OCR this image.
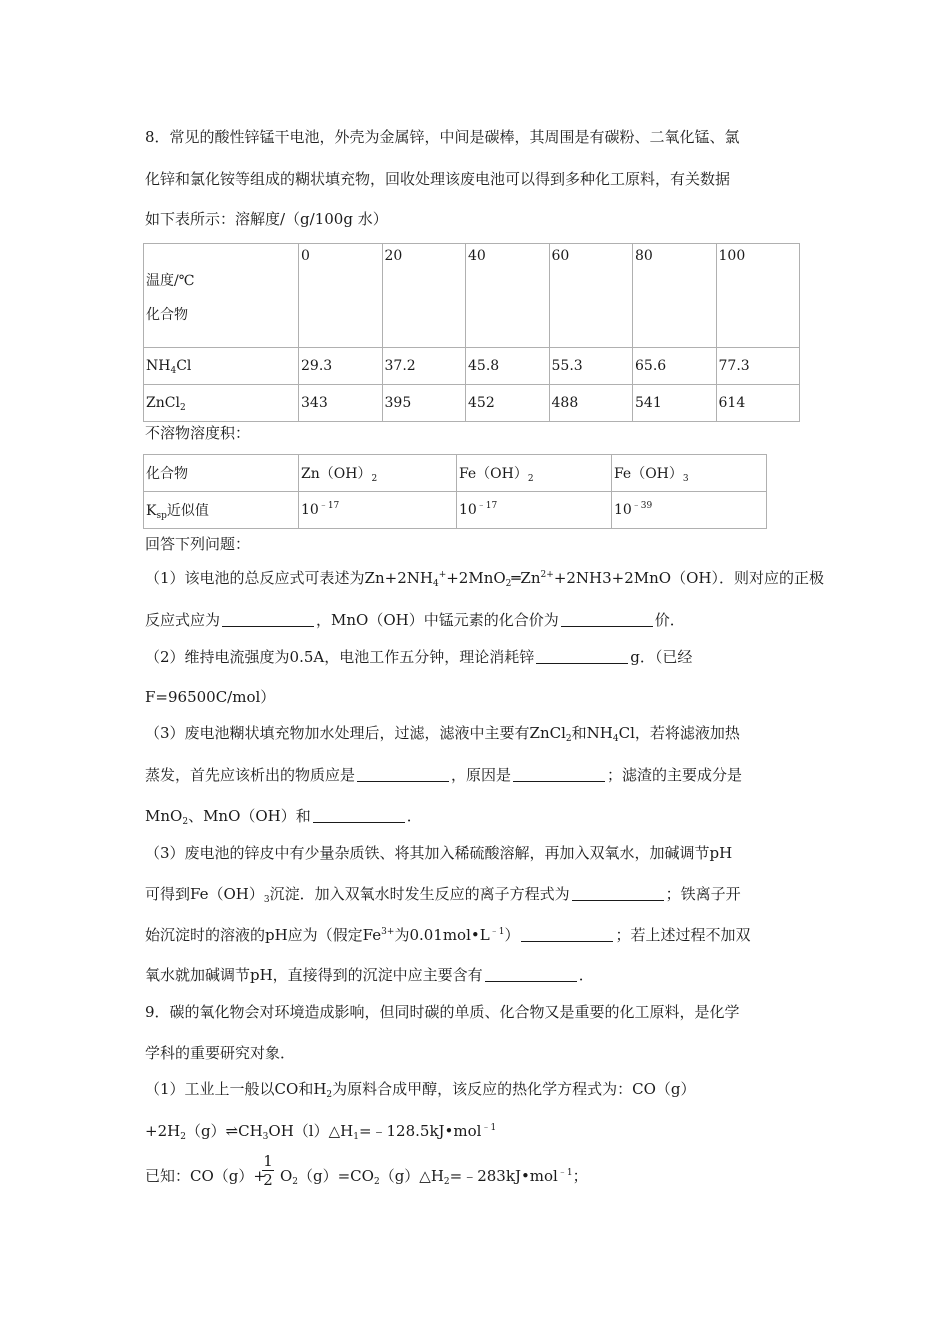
8．常见的酸性锌锰干电池，外壳为金属锌，中间是碳棒，其周围是有碳粉、二氧化锰、氯
化锌和氯化铵等组成的糊状填充物，回收处理该废电池可以得到多种化工原料，有关数据
如下表所示：溶解度/（g/100g 水）
温度/℃
化合物	0	20	40	60	80	100
$NH_4Cl$	29.3	37.2	45.8	55.3	65.6	77.3
ZnCl$_2$	343	395	452	488	541	614
不溶物溶度积：
化合物	$Zn(OH)_2$	$Fe(OH)_2$	$Fe(OH)_3$
$K_{sp}$近似值	$10^{﹣17}$	$10^{﹣17}$	$10^{﹣39}$
回答下列问题：
（1）该电池的总反应式可表述为$Zn+2NH_4^++2MnO_2═Zn^{2+}+2NH3+2MnO(OH)$．则对应的正极
反应式应为	，MnO（OH）中锰元素的化合价为	价．
（2）维持电流强度为0.5A，电池工作五分钟，理论消耗锌	g．（已经
F=96500C/mol）
（3）废电池糊状填充物加水处理后，过滤，滤液中主要有ZnCl$_2$和$NH_4Cl$，若将滤液加热
蒸发，首先应该析出的物质应是	，原因是	；滤渣的主要成分是
MnO$_2$、MnO（OH）和	．
（3）废电池的锌皮中有少量杂质铁、将其加入稀硫酸溶解，再加入双氧水，加碱调节pH
可得到$Fe(OH)_3$沉淀．加入双氧水时发生反应的离子方程式为	；铁离子开
始沉淀时的溶液的pH应为（假定$Fe^{3+}$为$0.01mol•L^{﹣1}$）	；若上述过程不加双
氧水就加碱调节pH，直接得到的沉淀中应主要含有	．
9．碳的氧化物会对环境造成影响，但同时碳的单质、化合物又是重要的化工原料，是化学
学科的重要研究对象．
（1）工业上一般以CO和$H_2$为原料合成甲醇，该反应的热化学方程式为：CO（g）
$+2H_2(g)\rightleftharpoons CH_3OH(l)\triangle H_1=﹣128.5kJ•mol^{﹣1}$
已知：$CO(g)+ O_2(g)=CO_2(g)\triangle H_2=﹣283kJ•mol^{﹣1}$；
1
2
